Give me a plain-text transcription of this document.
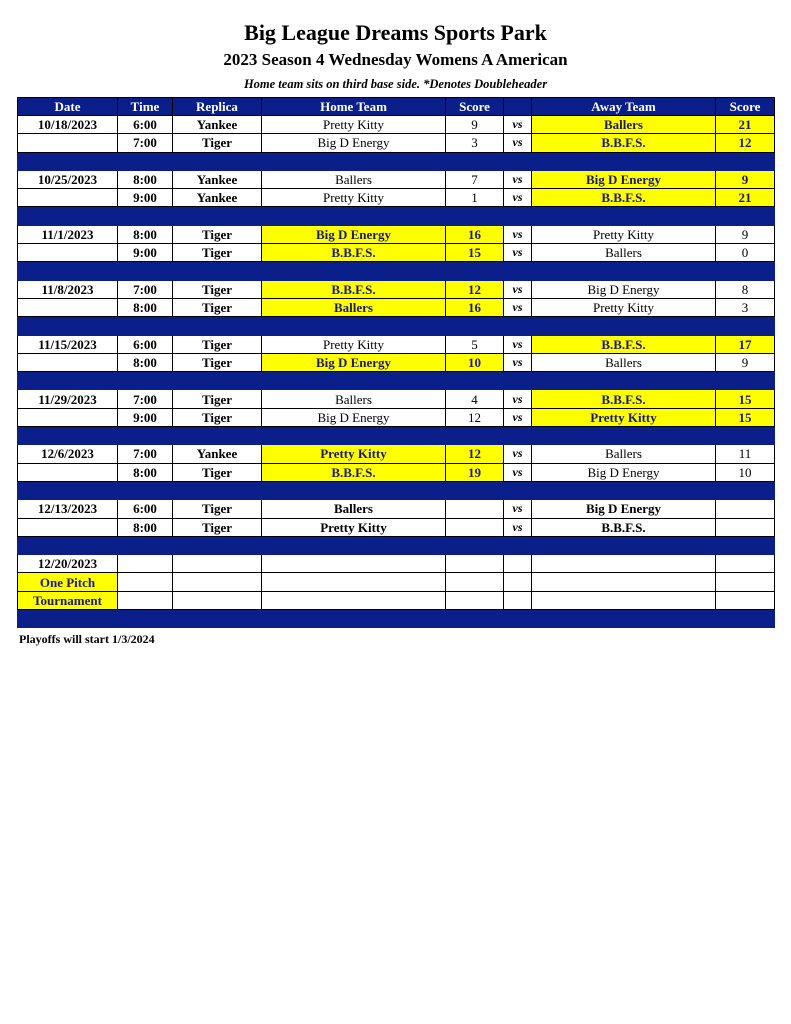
Big League Dreams Sports Park
2023 Season 4 Wednesday Womens A American
Home team sits on third base side. *Denotes Doubleheader
Date	Time	Replica	Home Team	Score		Away Team	Score
10/18/2023	6:00	Yankee	Pretty Kitty	9	vs	Ballers	21
	7:00	Tiger	Big D Energy	3	vs	B.B.F.S.	12

10/25/2023	8:00	Yankee	Ballers	7	vs	Big D Energy	9
	9:00	Yankee	Pretty Kitty	1	vs	B.B.F.S.	21

11/1/2023	8:00	Tiger	Big D Energy	16	vs	Pretty Kitty	9
	9:00	Tiger	B.B.F.S.	15	vs	Ballers	0

11/8/2023	7:00	Tiger	B.B.F.S.	12	vs	Big D Energy	8
	8:00	Tiger	Ballers	16	vs	Pretty Kitty	3

11/15/2023	6:00	Tiger	Pretty Kitty	5	vs	B.B.F.S.	17
	8:00	Tiger	Big D Energy	10	vs	Ballers	9

11/29/2023	7:00	Tiger	Ballers	4	vs	B.B.F.S.	15
	9:00	Tiger	Big D Energy	12	vs	Pretty Kitty	15

12/6/2023	7:00	Yankee	Pretty Kitty	12	vs	Ballers	11
	8:00	Tiger	B.B.F.S.	19	vs	Big D Energy	10

12/13/2023	6:00	Tiger	Ballers		vs	Big D Energy	
	8:00	Tiger	Pretty Kitty		vs	B.B.F.S.	

12/20/2023							
One Pitch							
Tournament							

Playoffs will start 1/3/2024
